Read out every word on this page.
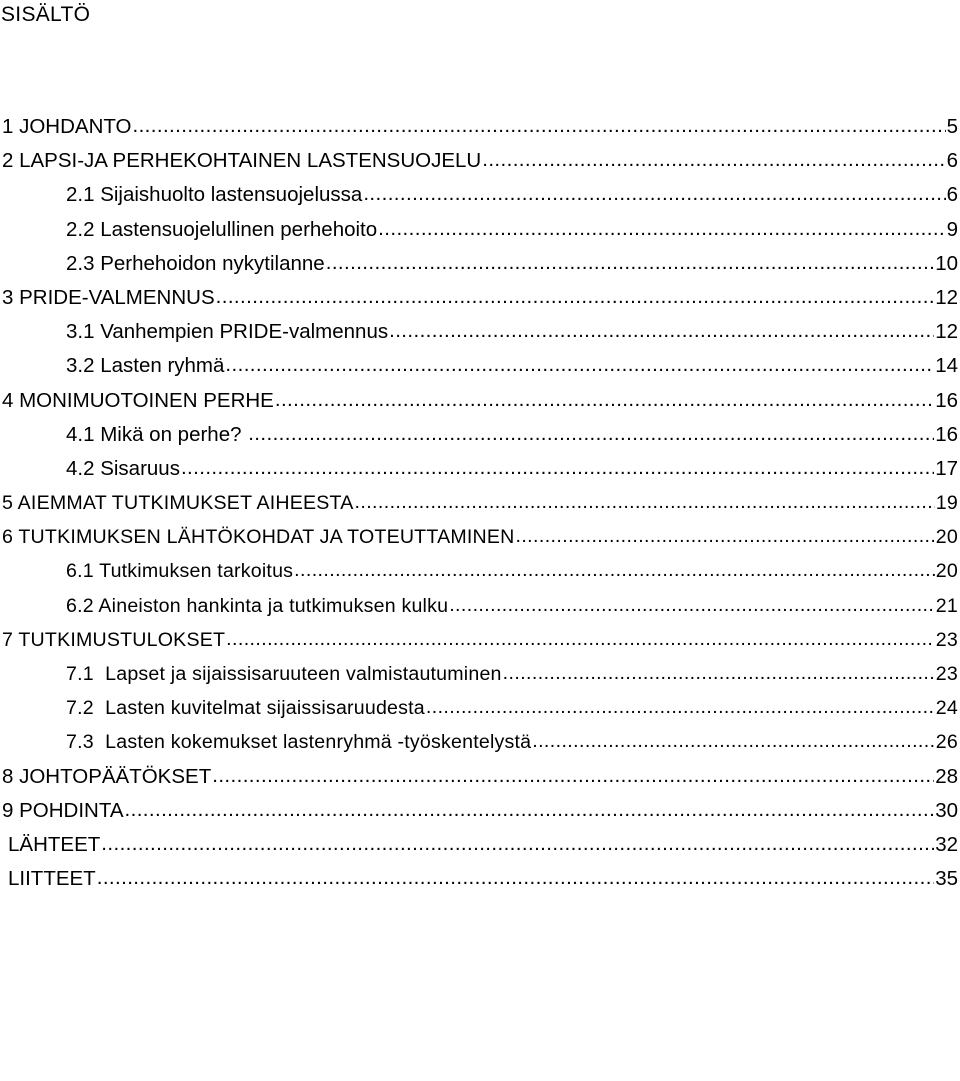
SISÄLTÖ
1 JOHDANTO .....	5
2 LAPSI-JA PERHEKOHTAINEN LASTENSUOJELU .....	6
2.1 Sijaishuolto lastensuojelussa .....	6
2.2 Lastensuojelullinen perhehoito .....	9
2.3 Perhehoidon nykytilanne .....	10
3 PRIDE-VALMENNUS .....	12
3.1 Vanhempien PRIDE-valmennus .....	12
3.2 Lasten ryhmä .....	14
4 MONIMUOTOINEN PERHE .....	16
4.1 Mikä on perhe? .....	16
4.2 Sisaruus .....	17
5 AIEMMAT TUTKIMUKSET AIHEESTA .....	19
6 TUTKIMUKSEN LÄHTÖKOHDAT JA TOTEUTTAMINEN .....	20
6.1 Tutkimuksen tarkoitus .....	20
6.2 Aineiston hankinta ja tutkimuksen kulku .....	21
7 TUTKIMUSTULOKSET .....	23
7.1  Lapset ja sijaissisaruuteen valmistautuminen .....	23
7.2  Lasten kuvitelmat sijaissisaruudesta .....	24
7.3  Lasten kokemukset lastenryhmä -työskentelystä .....	26
8 JOHTOPÄÄTÖKSET .....	28
9 POHDINTA .....	30
LÄHTEET .....	32
LIITTEET .....	35
